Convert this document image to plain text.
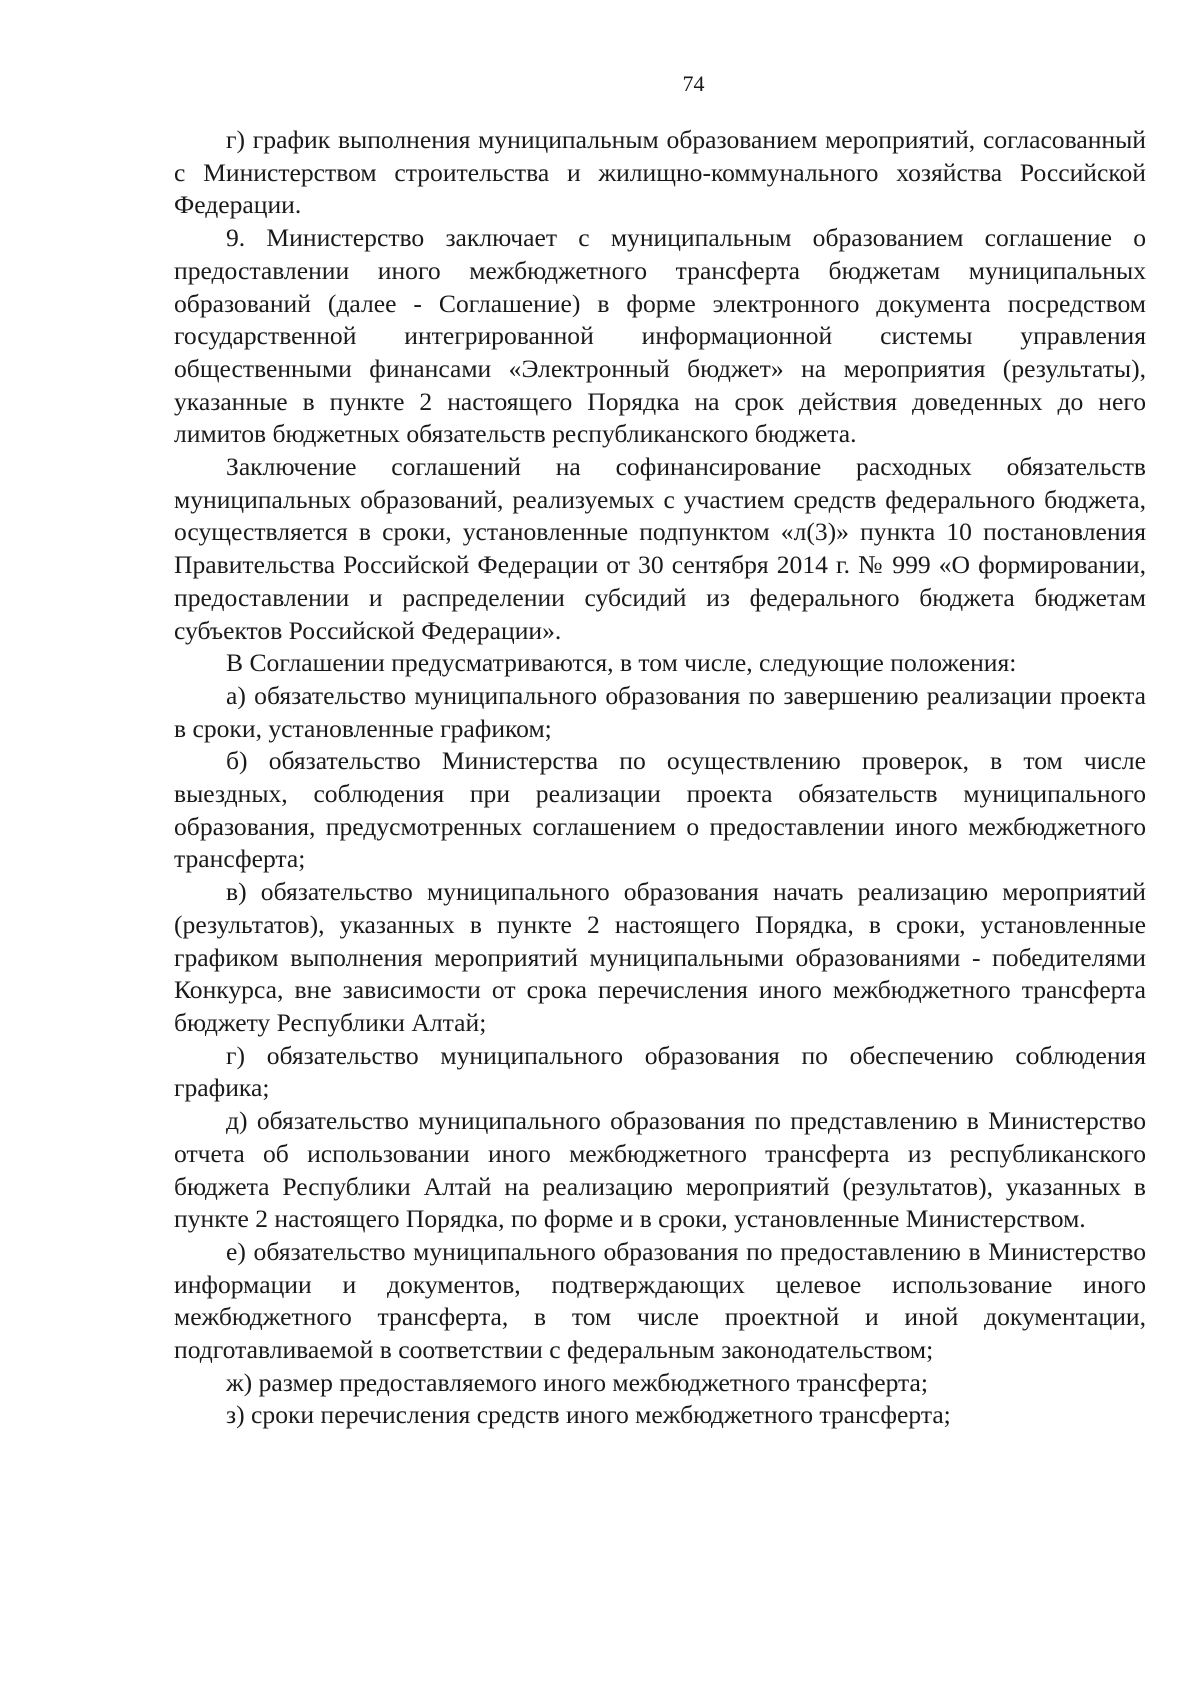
74

г) график выполнения муниципальным образованием мероприятий, согласованный с Министерством строительства и жилищно-коммунального хозяйства Российской Федерации.

9. Министерство заключает с муниципальным образованием соглашение о предоставлении иного межбюджетного трансферта бюджетам муниципальных образований (далее - Соглашение) в форме электронного документа посредством государственной интегрированной информационной системы управления общественными финансами «Электронный бюджет» на мероприятия (результаты), указанные в пункте 2 настоящего Порядка на срок действия доведенных до него лимитов бюджетных обязательств республиканского бюджета.

Заключение соглашений на софинансирование расходных обязательств муниципальных образований, реализуемых с участием средств федерального бюджета, осуществляется в сроки, установленные подпунктом «л(3)» пункта 10 постановления Правительства Российской Федерации от 30 сентября 2014 г. № 999 «О формировании, предоставлении и распределении субсидий из федерального бюджета бюджетам субъектов Российской Федерации».

В Соглашении предусматриваются, в том числе, следующие положения:

а) обязательство муниципального образования по завершению реализации проекта в сроки, установленные графиком;

б) обязательство Министерства по осуществлению проверок, в том числе выездных, соблюдения при реализации проекта обязательств муниципального образования, предусмотренных соглашением о предоставлении иного межбюджетного трансферта;

в) обязательство муниципального образования начать реализацию мероприятий (результатов), указанных в пункте 2 настоящего Порядка, в сроки, установленные графиком выполнения мероприятий муниципальными образованиями - победителями Конкурса, вне зависимости от срока перечисления иного межбюджетного трансферта бюджету Республики Алтай;

г) обязательство муниципального образования по обеспечению соблюдения графика;

д) обязательство муниципального образования по представлению в Министерство отчета об использовании иного межбюджетного трансферта из республиканского бюджета Республики Алтай на реализацию мероприятий (результатов), указанных в пункте 2 настоящего Порядка, по форме и в сроки, установленные Министерством.

е) обязательство муниципального образования по предоставлению в Министерство информации и документов, подтверждающих целевое использование иного межбюджетного трансферта, в том числе проектной и иной документации, подготавливаемой в соответствии с федеральным законодательством;

ж) размер предоставляемого иного межбюджетного трансферта;

з) сроки перечисления средств иного межбюджетного трансферта;
